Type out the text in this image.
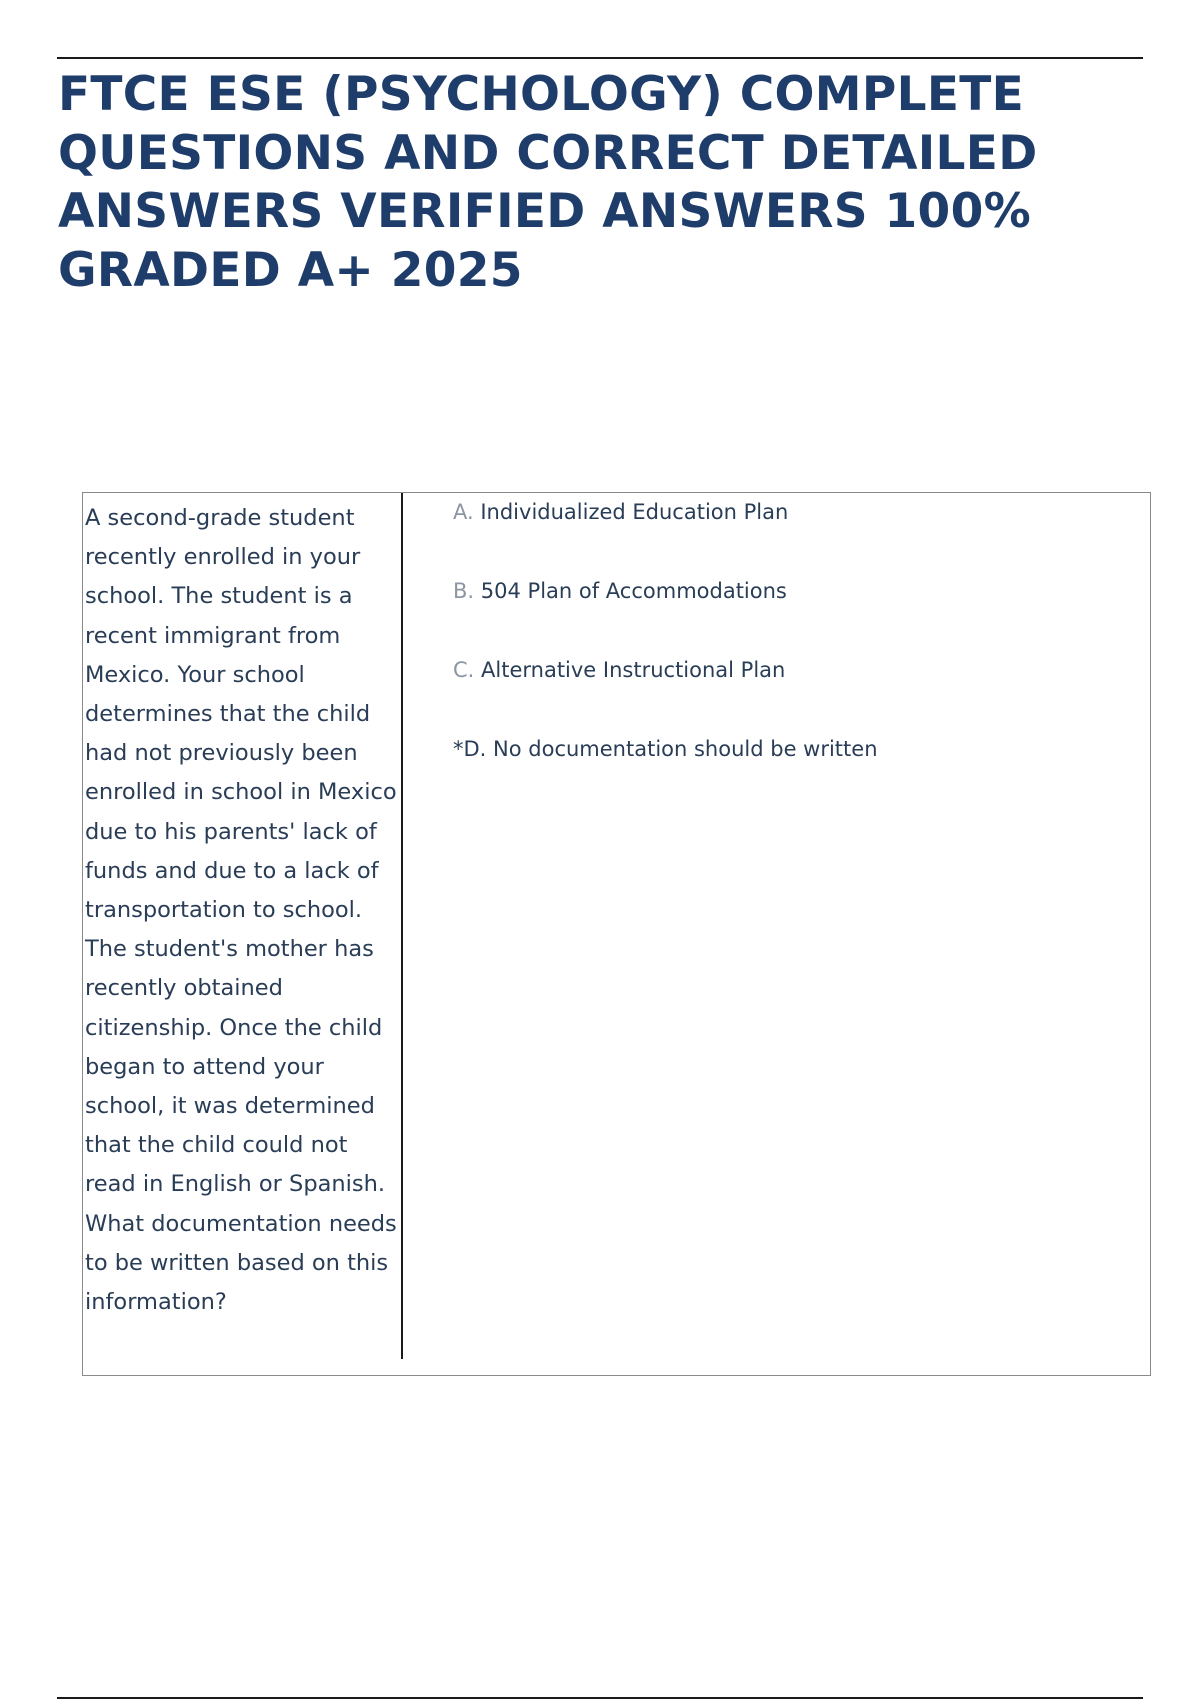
FTCE ESE (PSYCHOLOGY) COMPLETE
QUESTIONS AND CORRECT DETAILED
ANSWERS VERIFIED ANSWERS 100%
GRADED A+ 2025

A second-grade student recently enrolled in your school. The student is a recent immigrant from Mexico. Your school determines that the child had not previously been enrolled in school in Mexico due to his parents' lack of funds and due to a lack of transportation to school. The student's mother has recently obtained citizenship. Once the child began to attend your school, it was determined that the child could not read in English or Spanish. What documentation needs to be written based on this information?

A. Individualized Education Plan
B. 504 Plan of Accommodations
C. Alternative Instructional Plan
*D. No documentation should be written
